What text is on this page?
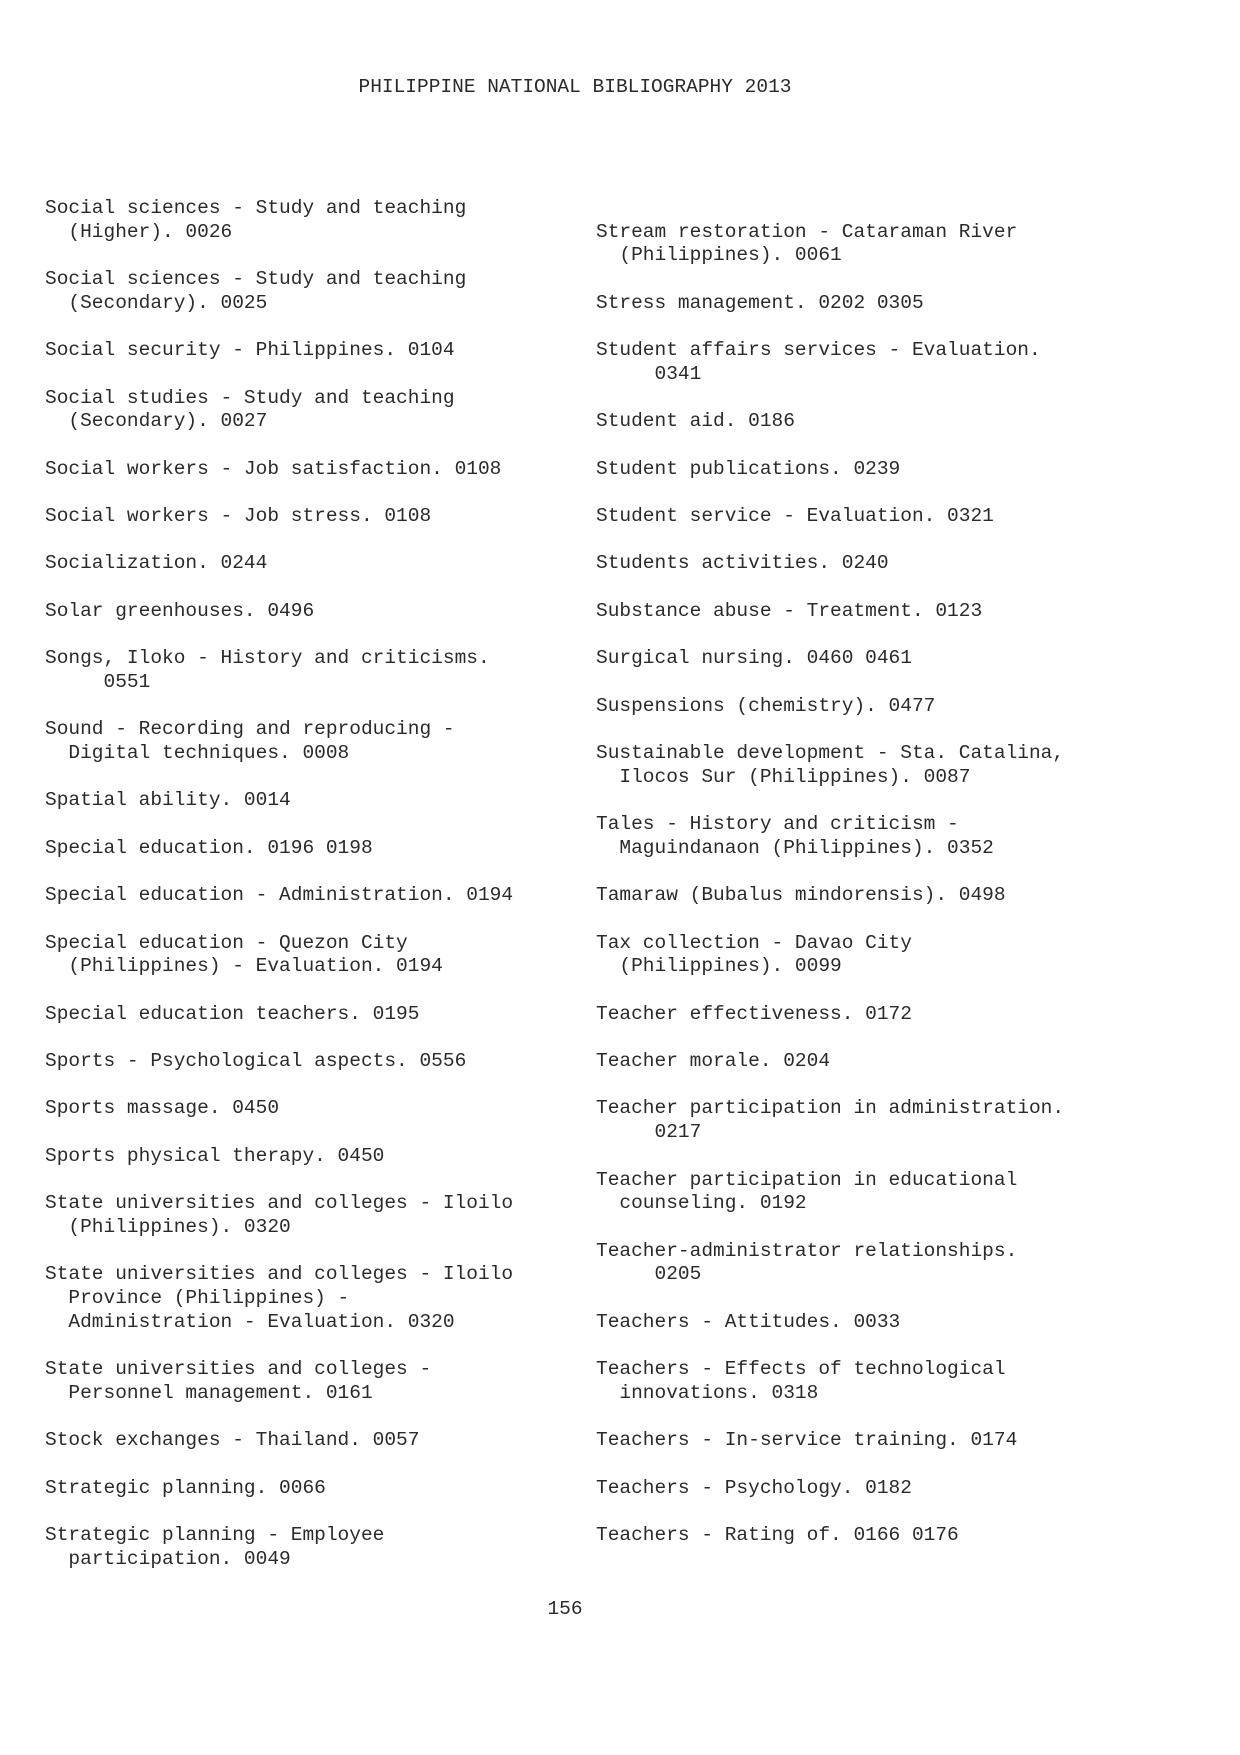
PHILIPPINE NATIONAL BIBLIOGRAPHY 2013
Social sciences - Study and teaching
(Higher). 0026
Social sciences - Study and teaching
(Secondary). 0025
Social security - Philippines. 0104
Social studies - Study and teaching
(Secondary). 0027
Social workers - Job satisfaction. 0108
Social workers - Job stress. 0108
Socialization. 0244
Solar greenhouses. 0496
Songs, Iloko - History and criticisms.
0551
Sound - Recording and reproducing -
Digital techniques. 0008
Spatial ability. 0014
Special education. 0196 0198
Special education - Administration. 0194
Special education - Quezon City
(Philippines) - Evaluation. 0194
Special education teachers. 0195
Sports - Psychological aspects. 0556
Sports massage. 0450
Sports physical therapy. 0450
State universities and colleges - Iloilo
(Philippines). 0320
State universities and colleges - Iloilo
Province (Philippines) -
Administration - Evaluation. 0320
State universities and colleges -
Personnel management. 0161
Stock exchanges - Thailand. 0057
Strategic planning. 0066
Strategic planning - Employee
participation. 0049
Stream restoration - Cataraman River
(Philippines). 0061
Stress management. 0202 0305
Student affairs services - Evaluation.
0341
Student aid. 0186
Student publications. 0239
Student service - Evaluation. 0321
Students activities. 0240
Substance abuse - Treatment. 0123
Surgical nursing. 0460 0461
Suspensions (chemistry). 0477
Sustainable development - Sta. Catalina,
Ilocos Sur (Philippines). 0087
Tales - History and criticism -
Maguindanaon (Philippines). 0352
Tamaraw (Bubalus mindorensis). 0498
Tax collection - Davao City
(Philippines). 0099
Teacher effectiveness. 0172
Teacher morale. 0204
Teacher participation in administration.
0217
Teacher participation in educational
counseling. 0192
Teacher-administrator relationships.
0205
Teachers - Attitudes. 0033
Teachers - Effects of technological
innovations. 0318
Teachers - In-service training. 0174
Teachers - Psychology. 0182
Teachers - Rating of. 0166 0176
156
